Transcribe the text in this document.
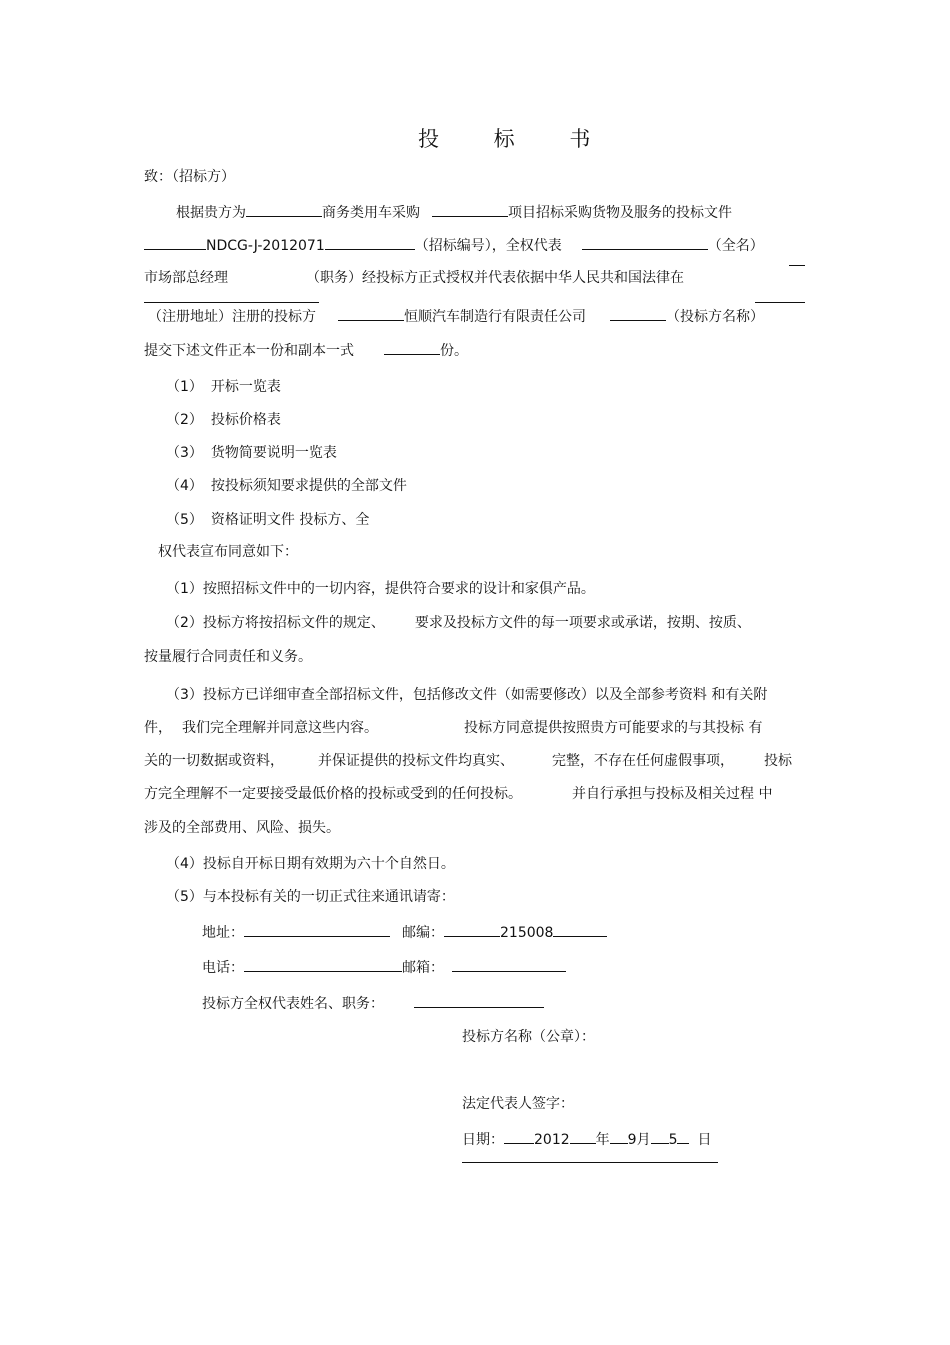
投 标 书
致：（招标方）
根据贵方为	商务类用车采购	项目招标采购货物及服务的投标文件
NDCG-J-2012071	（招标编号），全权代表	（全名）
市场部总经理	（职务）经投标方正式授权并代表依据中华人民共和国法律在
（注册地址）注册的投标方	恒顺汽车制造行有限责任公司	（投标方名称）
提交下述文件正本一份和副本一式	份。
（1） 开标一览表
（2） 投标价格表
（3） 货物简要说明一览表
（4） 按投标须知要求提供的全部文件
（5） 资格证明文件 投标方、全
权代表宣布同意如下：
（1）按照招标文件中的一切内容，提供符合要求的设计和家俱产品。
（2）投标方将按招标文件的规定、 要求及投标方文件的每一项要求或承诺，按期、按质、
按量履行合同责任和义务。
（3）投标方已详细审查全部招标文件，包括修改文件（如需要修改）以及全部参考资料 和有关附
件， 我们完全理解并同意这些内容。	投标方同意提供按照贵方可能要求的与其投标 有
关的一切数据或资料， 并保证提供的投标文件均真实、	完整，不存在任何虚假事项， 投标
方完全理解不一定要接受最低价格的投标或受到的任何投标。	并自行承担与投标及相关过程 中
涉及的全部费用、风险、损失。
（4）投标自开标日期有效期为六十个自然日。
（5）与本投标有关的一切正式往来通讯请寄：
地址：	邮编：	215008
电话：	邮箱：
投标方全权代表姓名、职务：
投标方名称（公章）：
法定代表人签字：
日期： 2012 年 9月 5 日
